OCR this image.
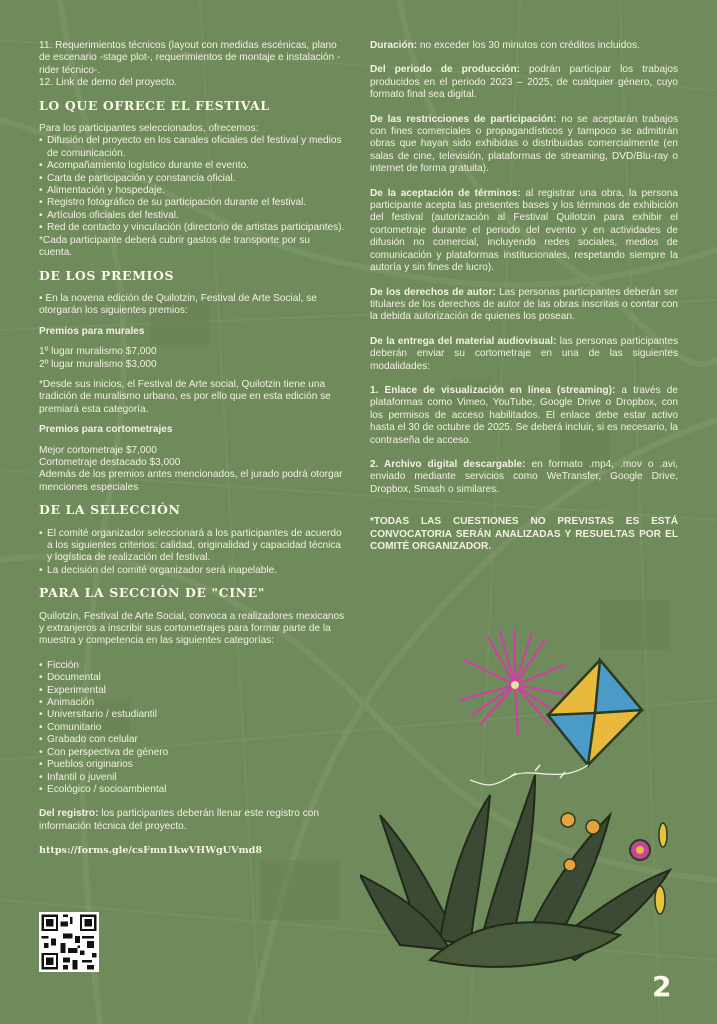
11. Requerimientos técnicos (layout con medidas escénicas, plano de escenario -stage plot-, requerimientos de montaje e instalación -rider técnico-.

12. Link de demo del proyecto.

LO QUE OFRECE EL FESTIVAL

Para los participantes seleccionados, ofrecemos:

• Difusión del proyecto en los canales oficiales del festival y medios de comunicación.
• Acompañamiento logístico durante el evento.
• Carta de participación y constancia oficial.
• Alimentación y hospedaje.
• Registro fotográfico de su participación durante el festival.
• Artículos oficiales del festival.
• Red de contacto y vinculación (directorio de artistas participantes).

*Cada participante deberá cubrir gastos de transporte por su cuenta.

DE LOS PREMIOS

• En la novena edición de Quilotzin, Festival de Arte Social, se otorgarán los siguientes premios:

Premios para murales

1º lugar muralismo $7,000

2º lugar muralismo $3,000

*Desde sus inicios, el Festival de Arte social, Quilotzin tiene una tradición de muralismo urbano, es por ello que en esta edición se premiará esta categoría.

Premios para cortometrajes

Mejor cortometraje $7,000

Cortometraje destacado $3,000

Además de los premios antes mencionados, el jurado podrá otorgar menciones especiales

DE LA SELECCIÓN
• El comité organizador seleccionará a los participantes de acuerdo a los siguientes criterios: calidad, originalidad y capacidad técnica y logística de realización del festival.
• La decisión del comité organizador será inapelable.
PARA LA SECCIÓN DE "CINE"

Quilotzin, Festival de Arte Social, convoca a realizadores mexicanos y extranjeros a inscribir sus cortometrajes para formar parte de la muestra y competencia en las siguientes categorías:

• Ficción
• Documental
• Experimental
• Animación
• Universitario / estudiantil
• Comunitario
• Grabado con celular
• Con perspectiva de género
• Pueblos originarios
• Infantil o juvenil
• Ecológico / socioambiental

Del registro: los participantes deberán llenar este registro con información técnica del proyecto.

https://forms.gle/csFmn1kwVHWgUVmd8

Duración: no exceder los 30 minutos con créditos incluidos.

Del periodo de producción: podrán participar los trabajos producidos en el periodo 2023 – 2025, de cualquier género, cuyo formato final sea digital.

De las restricciones de participación: no se aceptarán trabajos con fines comerciales o propagandísticos y tampoco se admitirán obras que hayan sido exhibidas o distribuidas comercialmente (en salas de cine, televisión, plataformas de streaming, DVD/Blu-ray o internet de forma gratuita).

De la aceptación de términos: al registrar una obra, la persona participante acepta las presentes bases y los términos de exhibición del festival (autorización al Festival Quilotzin para exhibir el cortometraje durante el periodo del evento y en actividades de difusión no comercial, incluyendo redes sociales, medios de comunicación y plataformas institucionales, respetando siempre la autoría y sin fines de lucro).

De los derechos de autor: Las personas participantes deberán ser titulares de los derechos de autor de las obras inscritas o contar con la debida autorización de quienes los posean.

De la entrega del material audiovisual: las personas participantes deberán enviar su cortometraje en una de las siguientes modalidades:

1. Enlace de visualización en línea (streaming): a través de plataformas como Vimeo, YouTube, Google Drive o Dropbox, con los permisos de acceso habilitados. El enlace debe estar activo hasta el 30 de octubre de 2025. Se deberá incluir, si es necesario, la contraseña de acceso.

2. Archivo digital descargable: en formato .mp4, .mov o .avi, enviado mediante servicios como WeTransfer, Google Drive, Dropbox, Smash o similares.

*TODAS LAS CUESTIONES NO PREVISTAS ES ESTÁ CONVOCATORIA SERÁN ANALIZADAS Y RESUELTAS POR EL COMITÉ ORGANIZADOR.

2
